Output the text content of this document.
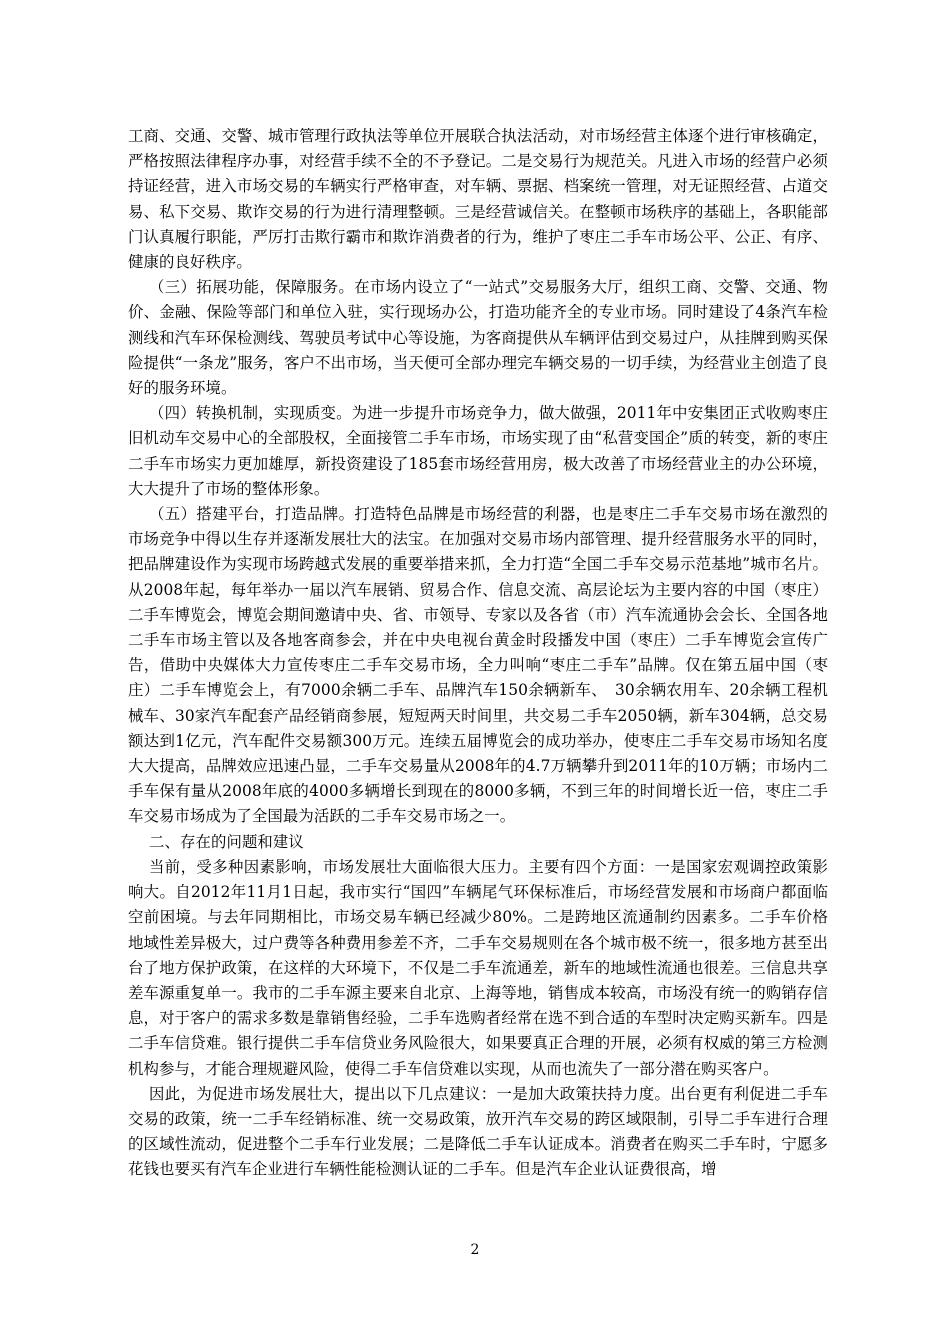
工商、交通、交警、城市管理行政执法等单位开展联合执法活动，对市场经营主体逐个进行审核确定，严格按照法律程序办事，对经营手续不全的不予登记。二是交易行为规范关。凡进入市场的经营户必须持证经营，进入市场交易的车辆实行严格审查，对车辆、票据、档案统一管理，对无证照经营、占道交易、私下交易、欺诈交易的行为进行清理整顿。三是经营诚信关。在整顿市场秩序的基础上，各职能部门认真履行职能，严厉打击欺行霸市和欺诈消费者的行为，维护了枣庄二手车市场公平、公正、有序、健康的良好秩序。

（三）拓展功能，保障服务。在市场内设立了“一站式”交易服务大厅，组织工商、交警、交通、物价、金融、保险等部门和单位入驻，实行现场办公，打造功能齐全的专业市场。同时建设了4条汽车检测线和汽车环保检测线、驾驶员考试中心等设施，为客商提供从车辆评估到交易过户，从挂牌到购买保险提供“一条龙”服务，客户不出市场，当天便可全部办理完车辆交易的一切手续，为经营业主创造了良好的服务环境。

（四）转换机制，实现质变。为进一步提升市场竞争力，做大做强，2011年中安集团正式收购枣庄旧机动车交易中心的全部股权，全面接管二手车市场，市场实现了由“私营变国企”质的转变，新的枣庄二手车市场实力更加雄厚，新投资建设了185套市场经营用房，极大改善了市场经营业主的办公环境，大大提升了市场的整体形象。

（五）搭建平台，打造品牌。打造特色品牌是市场经营的利器，也是枣庄二手车交易市场在激烈的市场竞争中得以生存并逐渐发展壮大的法宝。在加强对交易市场内部管理、提升经营服务水平的同时，把品牌建设作为实现市场跨越式发展的重要举措来抓，全力打造“全国二手车交易示范基地”城市名片。从2008年起，每年举办一届以汽车展销、贸易合作、信息交流、高层论坛为主要内容的中国（枣庄）二手车博览会，博览会期间邀请中央、省、市领导、专家以及各省（市）汽车流通协会会长、全国各地二手车市场主管以及各地客商参会，并在中央电视台黄金时段播发中国（枣庄）二手车博览会宣传广告，借助中央媒体大力宣传枣庄二手车交易市场，全力叫响“枣庄二手车”品牌。仅在第五届中国（枣庄）二手车博览会上，有7000余辆二手车、品牌汽车150余辆新车、　30余辆农用车、20余辆工程机械车、30家汽车配套产品经销商参展，短短两天时间里，共交易二手车2050辆，新车304辆，总交易额达到1亿元，汽车配件交易额300万元。连续五届博览会的成功举办，使枣庄二手车交易市场知名度大大提高，品牌效应迅速凸显，二手车交易量从2008年的4.7万辆攀升到2011年的10万辆；市场内二手车保有量从2008年底的4000多辆增长到现在的8000多辆，不到三年的时间增长近一倍，枣庄二手车交易市场成为了全国最为活跃的二手车交易市场之一。

二、存在的问题和建议

当前，受多种因素影响，市场发展壮大面临很大压力。主要有四个方面：一是国家宏观调控政策影响大。自2012年11月1日起，我市实行“国四”车辆尾气环保标准后，市场经营发展和市场商户都面临空前困境。与去年同期相比，市场交易车辆已经减少80%。二是跨地区流通制约因素多。二手车价格地域性差异极大，过户费等各种费用参差不齐，二手车交易规则在各个城市极不统一，很多地方甚至出台了地方保护政策，在这样的大环境下，不仅是二手车流通差，新车的地域性流通也很差。三信息共享差车源重复单一。我市的二手车源主要来自北京、上海等地，销售成本较高，市场没有统一的购销存信息，对于客户的需求多数是靠销售经验，二手车选购者经常在选不到合适的车型时决定购买新车。四是二手车信贷难。银行提供二手车信贷业务风险很大，如果要真正合理的开展，必须有权威的第三方检测机构参与，才能合理规避风险，使得二手车信贷难以实现，从而也流失了一部分潜在购买客户。

因此，为促进市场发展壮大，提出以下几点建议：一是加大政策扶持力度。出台更有利促进二手车交易的政策，统一二手车经销标准、统一交易政策，放开汽车交易的跨区域限制，引导二手车进行合理的区域性流动，促进整个二手车行业发展；二是降低二手车认证成本。消费者在购买二手车时，宁愿多花钱也要买有汽车企业进行车辆性能检测认证的二手车。但是汽车企业认证费很高，增

2
